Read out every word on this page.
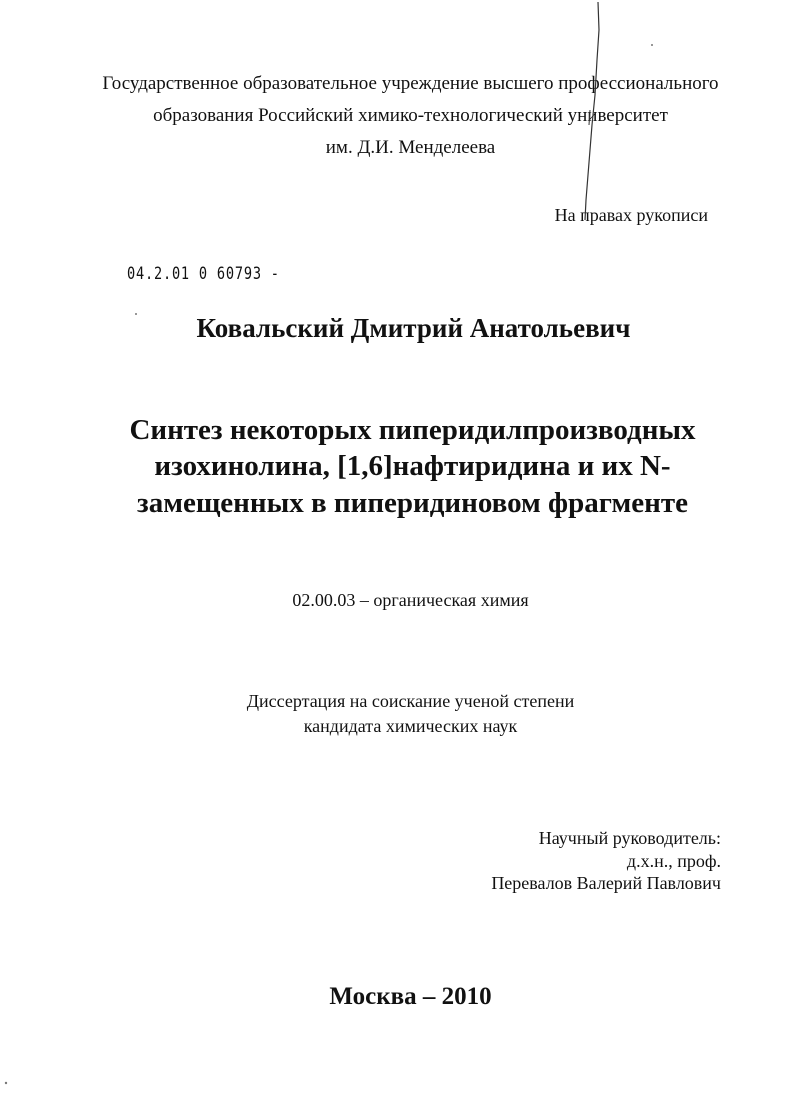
Государственное образовательное учреждение высшего профессионального
образования Российский химико-технологический университет
им. Д.И. Менделеева
На правах рукописи
04.2.01 0 60793 -
Ковальский Дмитрий Анатольевич
Синтез некоторых пиперидилпроизводных
изохинолина, [1,6]нафтиридина и их N-
замещенных в пиперидиновом фрагменте
02.00.03 – органическая химия
Диссертация на соискание ученой степени
кандидата химических наук
Научный руководитель:
д.х.н., проф.
Перевалов Валерий Павлович
Москва – 2010
